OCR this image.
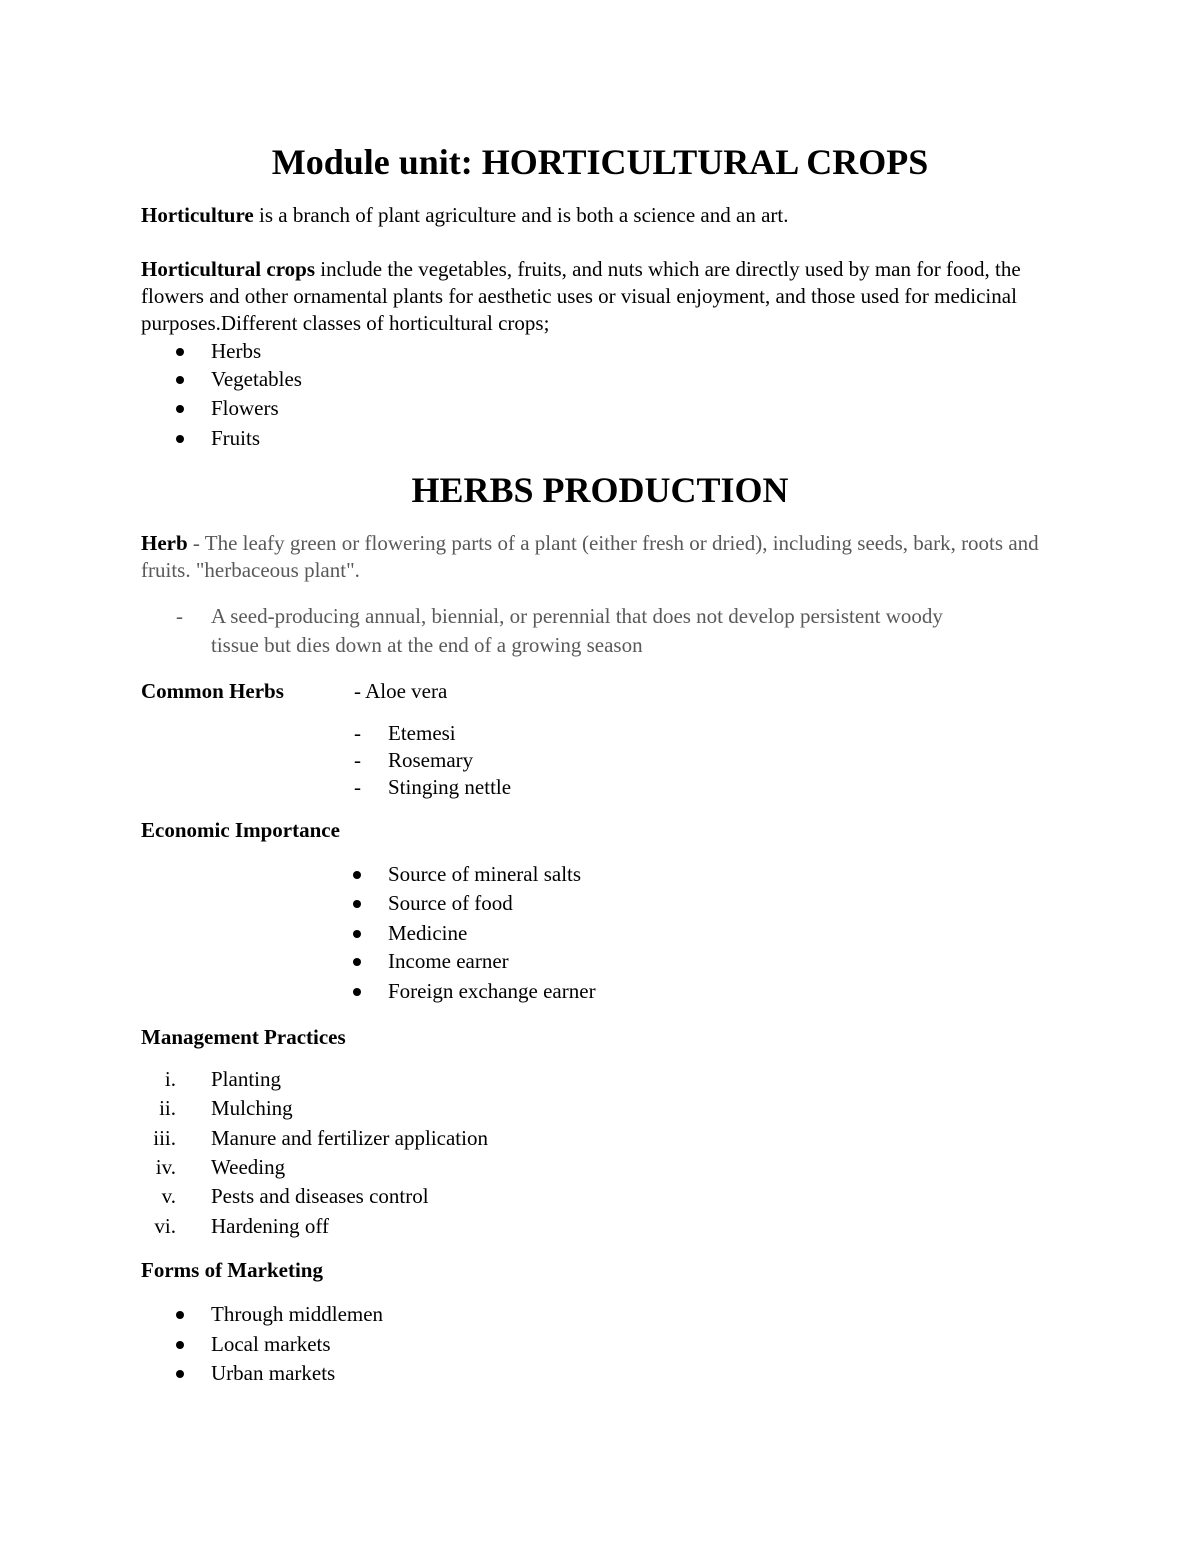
Module unit: HORTICULTURAL CROPS
Horticulture is a branch of plant agriculture and is both a science and an art.
Horticultural crops include the vegetables, fruits, and nuts which are directly used by man for food, the flowers and other ornamental plants for aesthetic uses or visual enjoyment, and those used for medicinal purposes.Different classes of horticultural crops;
Herbs
Vegetables
Flowers
Fruits
HERBS PRODUCTION
Herb - The leafy green or flowering parts of a plant (either fresh or dried), including seeds, bark, roots and fruits. "herbaceous plant".
- A seed-producing annual, biennial, or perennial that does not develop persistent woody
tissue but dies down at the end of a growing season
Common Herbs	- Aloe vera
- Etemesi
- Rosemary
- Stinging nettle
Economic Importance
Source of mineral salts
Source of food
Medicine
Income earner
Foreign exchange earner
Management Practices
i. Planting
ii. Mulching
iii. Manure and fertilizer application
iv. Weeding
v. Pests and diseases control
vi. Hardening off
Forms of Marketing
Through middlemen
Local markets
Urban markets
